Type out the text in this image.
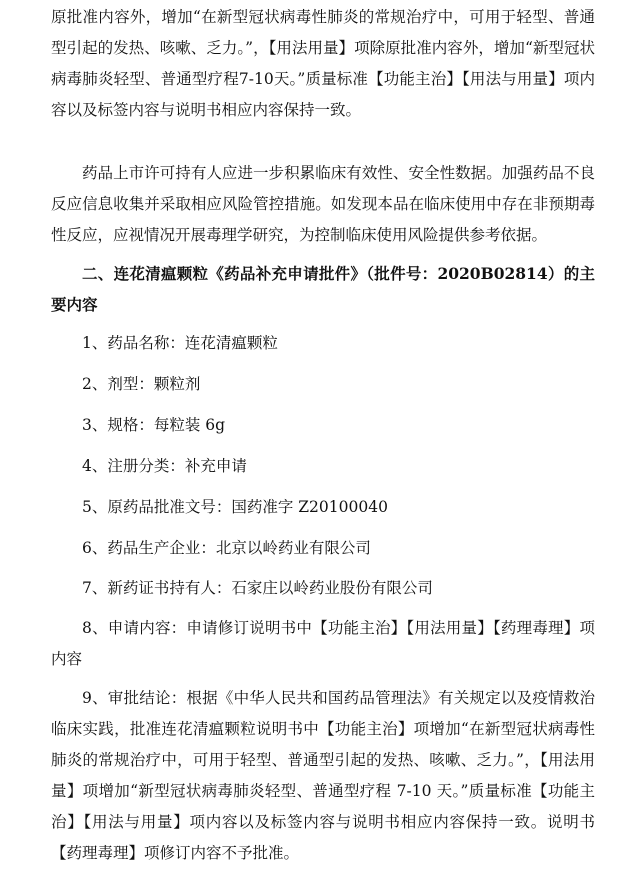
原批准内容外，增加“在新型冠状病毒性肺炎的常规治疗中，可用于轻型、普通型引起的发热、咳嗽、乏力。”，【用法用量】项除原批准内容外，增加“新型冠状病毒肺炎轻型、普通型疗程7-10天。”质量标准【功能主治】【用法与用量】项内容以及标签内容与说明书相应内容保持一致。

药品上市许可持有人应进一步积累临床有效性、安全性数据。加强药品不良反应信息收集并采取相应风险管控措施。如发现本品在临床使用中存在非预期毒性反应，应视情况开展毒理学研究，为控制临床使用风险提供参考依据。

二、连花清瘟颗粒《药品补充申请批件》（批件号：2020B02814）的主要内容

1、药品名称：连花清瘟颗粒

2、剂型：颗粒剂

3、规格：每粒装 6g

4、注册分类：补充申请

5、原药品批准文号：国药准字 Z20100040

6、药品生产企业：北京以岭药业有限公司

7、新药证书持有人：石家庄以岭药业股份有限公司

8、申请内容：申请修订说明书中【功能主治】【用法用量】【药理毒理】项内容

9、审批结论：根据《中华人民共和国药品管理法》有关规定以及疫情救治临床实践，批准连花清瘟颗粒说明书中【功能主治】项增加“在新型冠状病毒性肺炎的常规治疗中，可用于轻型、普通型引起的发热、咳嗽、乏力。”，【用法用量】项增加“新型冠状病毒肺炎轻型、普通型疗程 7-10 天。”质量标准【功能主治】【用法与用量】项内容以及标签内容与说明书相应内容保持一致。说明书【药理毒理】项修订内容不予批准。
